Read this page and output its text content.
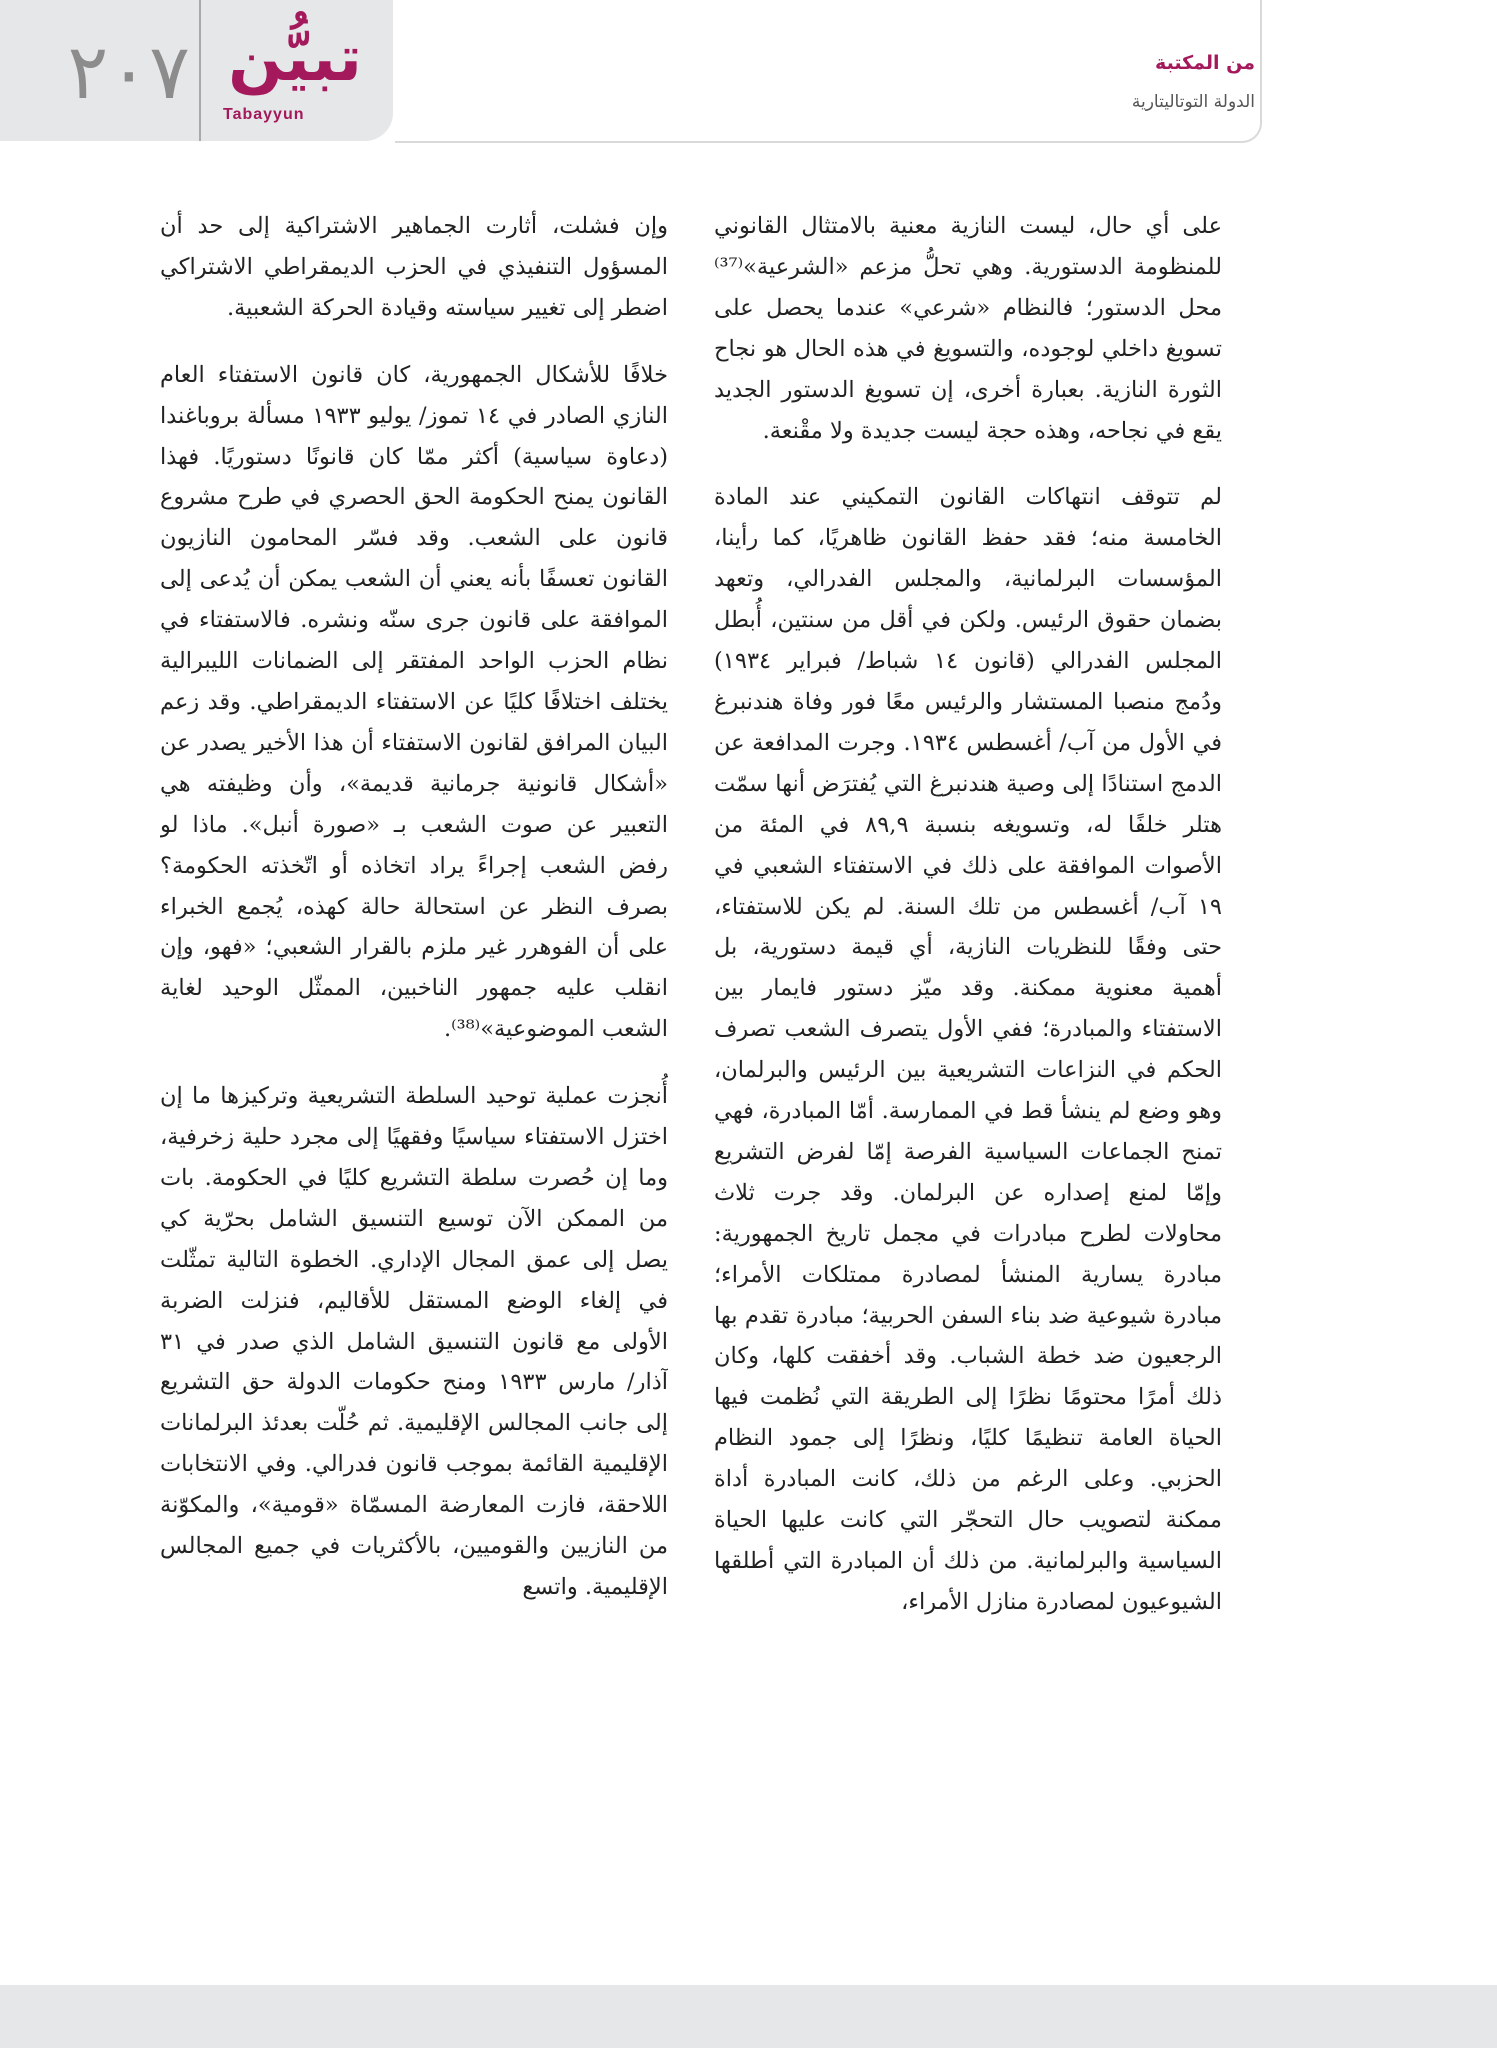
٢٠٧ تبيُّن
Tabayyun
من المكتبة
الدولة التوتاليتارية

على أي حال، ليست النازية معنية بالامتثال القانوني للمنظومة الدستورية. وهي تحلُّ مزعم «الشرعية»⁽³⁷⁾ محل الدستور؛ فالنظام «شرعي» عندما يحصل على تسويغ داخلي لوجوده، والتسويغ في هذه الحال هو نجاح الثورة النازية. بعبارة أخرى، إن تسويغ الدستور الجديد يقع في نجاحه، وهذه حجة ليست جديدة ولا مقْنعة.

لم تتوقف انتهاكات القانون التمكيني عند المادة الخامسة منه؛ فقد حفظ القانون ظاهريًا، كما رأينا، المؤسسات البرلمانية، والمجلس الفدرالي، وتعهد بضمان حقوق الرئيس. ولكن في أقل من سنتين، أُبطل المجلس الفدرالي (قانون ١٤ شباط/ فبراير ١٩٣٤) ودُمج منصبا المستشار والرئيس معًا فور وفاة هندنبرغ في الأول من آب/ أغسطس ١٩٣٤. وجرت المدافعة عن الدمج استنادًا إلى وصية هندنبرغ التي يُفترَض أنها سمّت هتلر خلفًا له، وتسويغه بنسبة ٨٩,٩ في المئة من الأصوات الموافقة على ذلك في الاستفتاء الشعبي في ١٩ آب/ أغسطس من تلك السنة. لم يكن للاستفتاء، حتى وفقًا للنظريات النازية، أي قيمة دستورية، بل أهمية معنوية ممكنة. وقد ميّز دستور فايمار بين الاستفتاء والمبادرة؛ ففي الأول يتصرف الشعب تصرف الحكم في النزاعات التشريعية بين الرئيس والبرلمان، وهو وضع لم ينشأ قط في الممارسة. أمّا المبادرة، فهي تمنح الجماعات السياسية الفرصة إمّا لفرض التشريع وإمّا لمنع إصداره عن البرلمان. وقد جرت ثلاث محاولات لطرح مبادرات في مجمل تاريخ الجمهورية: مبادرة يسارية المنشأ لمصادرة ممتلكات الأمراء؛ مبادرة شيوعية ضد بناء السفن الحربية؛ مبادرة تقدم بها الرجعيون ضد خطة الشباب. وقد أخفقت كلها، وكان ذلك أمرًا محتومًا نظرًا إلى الطريقة التي نُظمت فيها الحياة العامة تنظيمًا كليًا، ونظرًا إلى جمود النظام الحزبي. وعلى الرغم من ذلك، كانت المبادرة أداة ممكنة لتصويب حال التحجّر التي كانت عليها الحياة السياسية والبرلمانية. من ذلك أن المبادرة التي أطلقها الشيوعيون لمصادرة منازل الأمراء،

وإن فشلت، أثارت الجماهير الاشتراكية إلى حد أن المسؤول التنفيذي في الحزب الديمقراطي الاشتراكي اضطر إلى تغيير سياسته وقيادة الحركة الشعبية.

خلافًا للأشكال الجمهورية، كان قانون الاستفتاء العام النازي الصادر في ١٤ تموز/ يوليو ١٩٣٣ مسألة بروباغندا (دعاوة سياسية) أكثر ممّا كان قانونًا دستوريًا. فهذا القانون يمنح الحكومة الحق الحصري في طرح مشروع قانون على الشعب. وقد فسّر المحامون النازيون القانون تعسفًا بأنه يعني أن الشعب يمكن أن يُدعى إلى الموافقة على قانون جرى سنّه ونشره. فالاستفتاء في نظام الحزب الواحد المفتقر إلى الضمانات الليبرالية يختلف اختلافًا كليًا عن الاستفتاء الديمقراطي. وقد زعم البيان المرافق لقانون الاستفتاء أن هذا الأخير يصدر عن «أشكال قانونية جرمانية قديمة»، وأن وظيفته هي التعبير عن صوت الشعب بـ «صورة أنبل». ماذا لو رفض الشعب إجراءً يراد اتخاذه أو اتّخذته الحكومة؟ بصرف النظر عن استحالة حالة كهذه، يُجمع الخبراء على أن الفوهرر غير ملزم بالقرار الشعبي؛ «فهو، وإن انقلب عليه جمهور الناخبين، الممثّل الوحيد لغاية الشعب الموضوعية»⁽³⁸⁾.

أُنجزت عملية توحيد السلطة التشريعية وتركيزها ما إن اختزل الاستفتاء سياسيًا وفقهيًا إلى مجرد حلية زخرفية، وما إن حُصرت سلطة التشريع كليًا في الحكومة. بات من الممكن الآن توسيع التنسيق الشامل بحرّية كي يصل إلى عمق المجال الإداري. الخطوة التالية تمثّلت في إلغاء الوضع المستقل للأقاليم، فنزلت الضربة الأولى مع قانون التنسيق الشامل الذي صدر في ٣١ آذار/ مارس ١٩٣٣ ومنح حكومات الدولة حق التشريع إلى جانب المجالس الإقليمية. ثم حُلّت بعدئذ البرلمانات الإقليمية القائمة بموجب قانون فدرالي. وفي الانتخابات اللاحقة، فازت المعارضة المسمّاة «قومية»، والمكوّنة من النازيين والقوميين، بالأكثريات في جميع المجالس الإقليمية. واتسع
